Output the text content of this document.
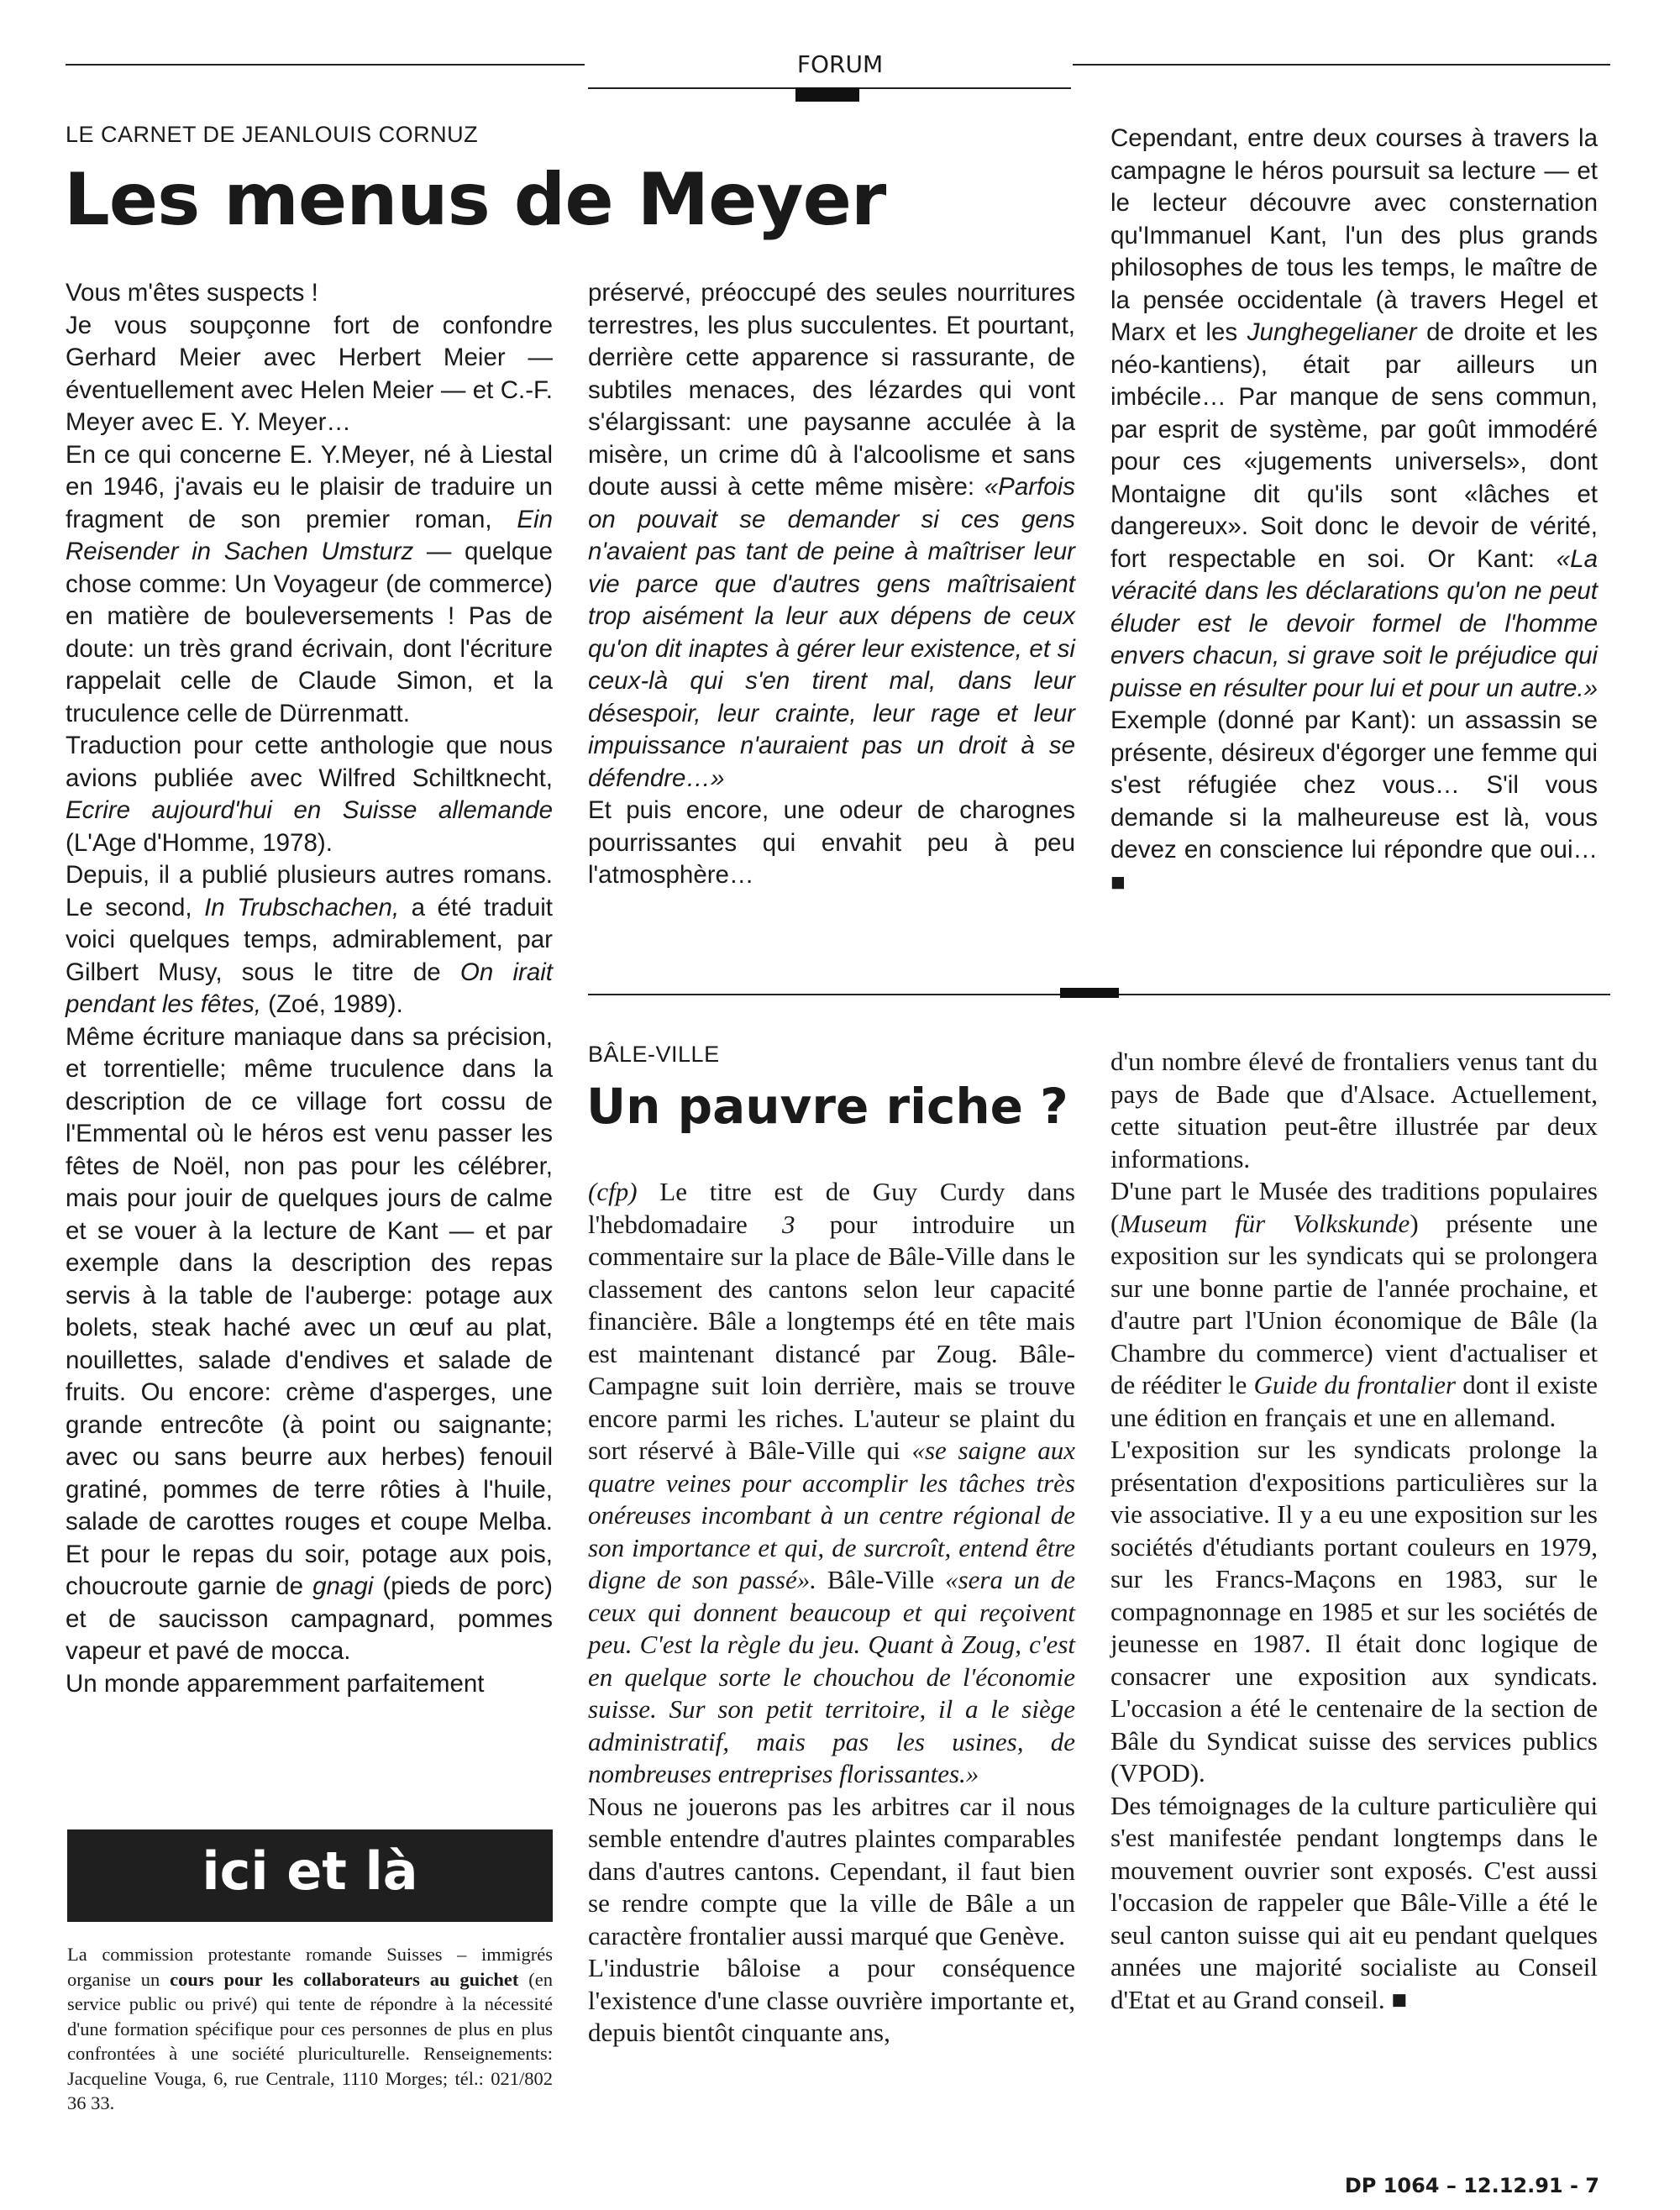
FORUM
LE CARNET DE JEANLOUIS CORNUZ
Les menus de Meyer

Vous m'êtes suspects !

Je vous soupçonne fort de confondre Gerhard Meier avec Herbert Meier — éventuellement avec Helen Meier — et C.-F. Meyer avec E. Y. Meyer…

En ce qui concerne E. Y.Meyer, né à Liestal en 1946, j'avais eu le plaisir de traduire un fragment de son premier roman, Ein Reisender in Sachen Umsturz — quelque chose comme: Un Voyageur (de commerce) en matière de bouleversements ! Pas de doute: un très grand écrivain, dont l'écriture rappelait celle de Claude Simon, et la truculence celle de Dürrenmatt.

Traduction pour cette anthologie que nous avions publiée avec Wilfred Schiltknecht, Ecrire aujourd'hui en Suisse allemande (L'Age d'Homme, 1978).

Depuis, il a publié plusieurs autres romans. Le second, In Trubschachen, a été traduit voici quelques temps, admirablement, par Gilbert Musy, sous le titre de On irait pendant les fêtes, (Zoé, 1989).

Même écriture maniaque dans sa précision, et torrentielle; même truculence dans la description de ce village fort cossu de l'Emmental où le héros est venu passer les fêtes de Noël, non pas pour les célébrer, mais pour jouir de quelques jours de calme et se vouer à la lecture de Kant — et par exemple dans la description des repas servis à la table de l'auberge: potage aux bolets, steak haché avec un œuf au plat, nouillettes, salade d'endives et salade de fruits. Ou encore: crème d'asperges, une grande entrecôte (à point ou saignante; avec ou sans beurre aux herbes) fenouil gratiné, pommes de terre rôties à l'huile, salade de carottes rouges et coupe Melba. Et pour le repas du soir, potage aux pois, choucroute garnie de gnagi (pieds de porc) et de saucisson campagnard, pommes vapeur et pavé de mocca.

Un monde apparemment parfaitement

préservé, préoccupé des seules nourritures terrestres, les plus succulentes. Et pourtant, derrière cette apparence si rassurante, de subtiles menaces, des lézardes qui vont s'élargissant: une paysanne acculée à la misère, un crime dû à l'alcoolisme et sans doute aussi à cette même misère: «Parfois on pouvait se demander si ces gens n'avaient pas tant de peine à maîtriser leur vie parce que d'autres gens maîtrisaient trop aisément la leur aux dépens de ceux qu'on dit inaptes à gérer leur existence, et si ceux-là qui s'en tirent mal, dans leur désespoir, leur crainte, leur rage et leur impuissance n'auraient pas un droit à se défendre…»

Et puis encore, une odeur de charognes pourrissantes qui envahit peu à peu l'atmosphère…

Cependant, entre deux courses à travers la campagne le héros poursuit sa lecture — et le lecteur découvre avec consternation qu'Immanuel Kant, l'un des plus grands philosophes de tous les temps, le maître de la pensée occidentale (à travers Hegel et Marx et les Junghegelianer de droite et les néo-kantiens), était par ailleurs un imbécile… Par manque de sens commun, par esprit de système, par goût immodéré pour ces «jugements universels», dont Montaigne dit qu'ils sont «lâches et dangereux». Soit donc le devoir de vérité, fort respectable en soi. Or Kant: «La véracité dans les déclarations qu'on ne peut éluder est le devoir formel de l'homme envers chacun, si grave soit le préjudice qui puisse en résulter pour lui et pour un autre.» Exemple (donné par Kant): un assassin se présente, désireux d'égorger une femme qui s'est réfugiée chez vous… S'il vous demande si la malheureuse est là, vous devez en conscience lui répondre que oui… ■

ici et là
La commission protestante romande Suisses – immigrés organise un cours pour les collaborateurs au guichet (en service public ou privé) qui tente de répondre à la nécessité d'une formation spécifique pour ces personnes de plus en plus confrontées à une société pluriculturelle. Renseignements: Jacqueline Vouga, 6, rue Centrale, 1110 Morges; tél.: 021/802 36 33.
BÂLE-VILLE
Un pauvre riche ?

(cfp) Le titre est de Guy Curdy dans l'hebdomadaire 3 pour introduire un commentaire sur la place de Bâle-Ville dans le classement des cantons selon leur capacité financière. Bâle a longtemps été en tête mais est maintenant distancé par Zoug. Bâle-Campagne suit loin derrière, mais se trouve encore parmi les riches. L'auteur se plaint du sort réservé à Bâle-Ville qui «se saigne aux quatre veines pour accomplir les tâches très onéreuses incombant à un centre régional de son importance et qui, de surcroît, entend être digne de son passé». Bâle-Ville «sera un de ceux qui donnent beaucoup et qui reçoivent peu. C'est la règle du jeu. Quant à Zoug, c'est en quelque sorte le chouchou de l'économie suisse. Sur son petit territoire, il a le siège administratif, mais pas les usines, de nombreuses entreprises florissantes.»

Nous ne jouerons pas les arbitres car il nous semble entendre d'autres plaintes comparables dans d'autres cantons. Cependant, il faut bien se rendre compte que la ville de Bâle a un caractère frontalier aussi marqué que Genève.

L'industrie bâloise a pour conséquence l'existence d'une classe ouvrière importante et, depuis bientôt cinquante ans,

d'un nombre élevé de frontaliers venus tant du pays de Bade que d'Alsace. Actuellement, cette situation peut-être illustrée par deux informations.

D'une part le Musée des traditions populaires (Museum für Volkskunde) présente une exposition sur les syndicats qui se prolongera sur une bonne partie de l'année prochaine, et d'autre part l'Union économique de Bâle (la Chambre du commerce) vient d'actualiser et de rééditer le Guide du frontalier dont il existe une édition en français et une en allemand.

L'exposition sur les syndicats prolonge la présentation d'expositions particulières sur la vie associative. Il y a eu une exposition sur les sociétés d'étudiants portant couleurs en 1979, sur les Francs-Maçons en 1983, sur le compagnonnage en 1985 et sur les sociétés de jeunesse en 1987. Il était donc logique de consacrer une exposition aux syndicats. L'occasion a été le centenaire de la section de Bâle du Syndicat suisse des services publics (VPOD).

Des témoignages de la culture particulière qui s'est manifestée pendant longtemps dans le mouvement ouvrier sont exposés. C'est aussi l'occasion de rappeler que Bâle-Ville a été le seul canton suisse qui ait eu pendant quelques années une majorité socialiste au Conseil d'Etat et au Grand conseil. ■

DP 1064 – 12.12.91 - 7
